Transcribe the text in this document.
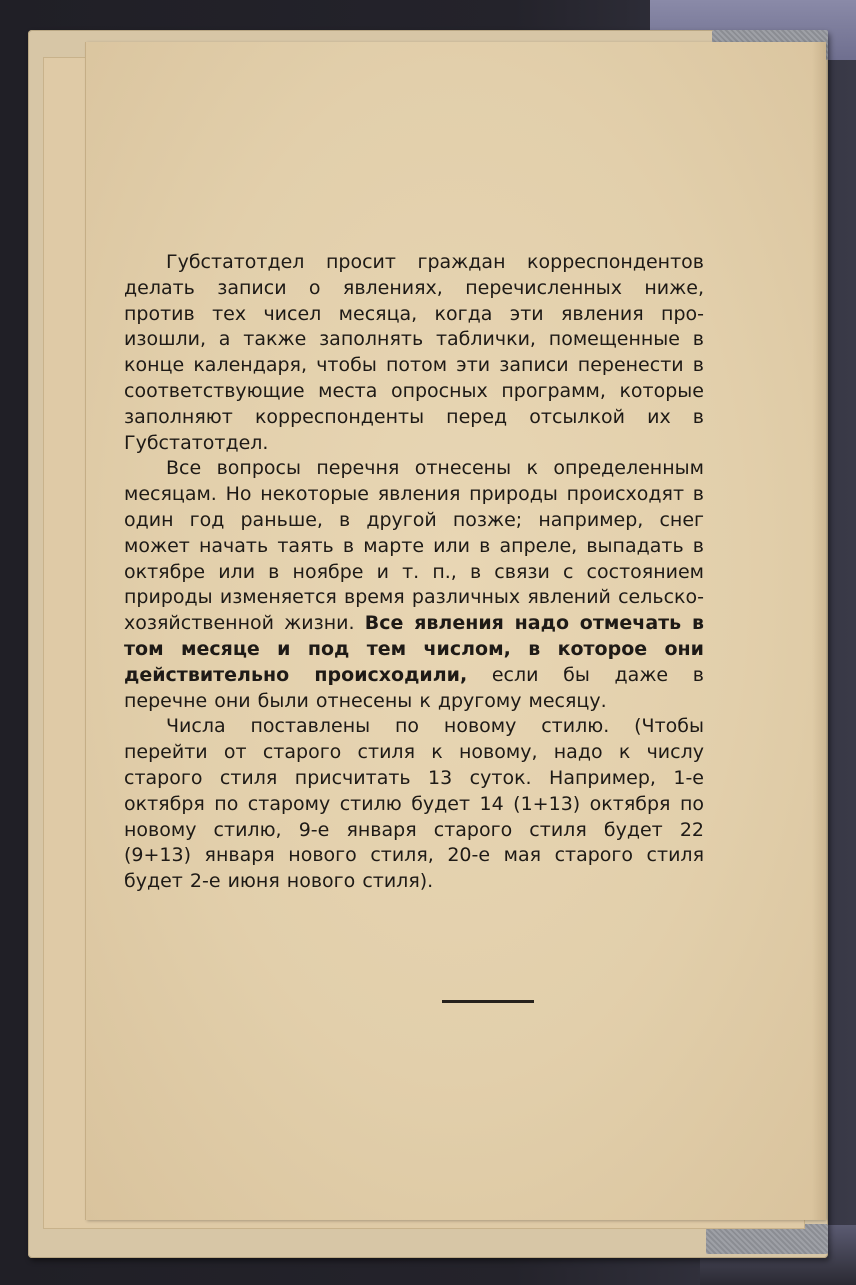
Губстатотдел просит граждан корреспондентов делать записи о явлениях, перечисленных ниже, против тех чисел месяца, когда эти явления произошли, а также заполнять таблички, помещенные в конце календаря, чтобы потом эти записи перенести в соответствующие места опросных программ, которые заполняют корреспонденты перед отсылкой их в Губстатотдел.

Все вопросы перечня отнесены к определенным месяцам. Но некоторые явления природы происходят в один год раньше, в другой позже; например, снег может начать таять в марте или в апреле, выпадать в октябре или в ноябре и т. п., в связи с состоянием природы изменяется время различных явлений сельско-хозяйственной жизни. Все явления надо отмечать в том месяце и под тем числом, в которое они действительно происходили, если бы даже в перечне они были отнесены к другому месяцу.

Числа поставлены по новому стилю. (Чтобы перейти от старого стиля к новому, надо к числу старого стиля присчитать 13 суток. Например, 1-е октября по старому стилю будет 14 (1+13) октября по новому стилю, 9-е января старого стиля будет 22 (9+13) января нового стиля, 20-е мая старого стиля будет 2-е июня нового стиля).
